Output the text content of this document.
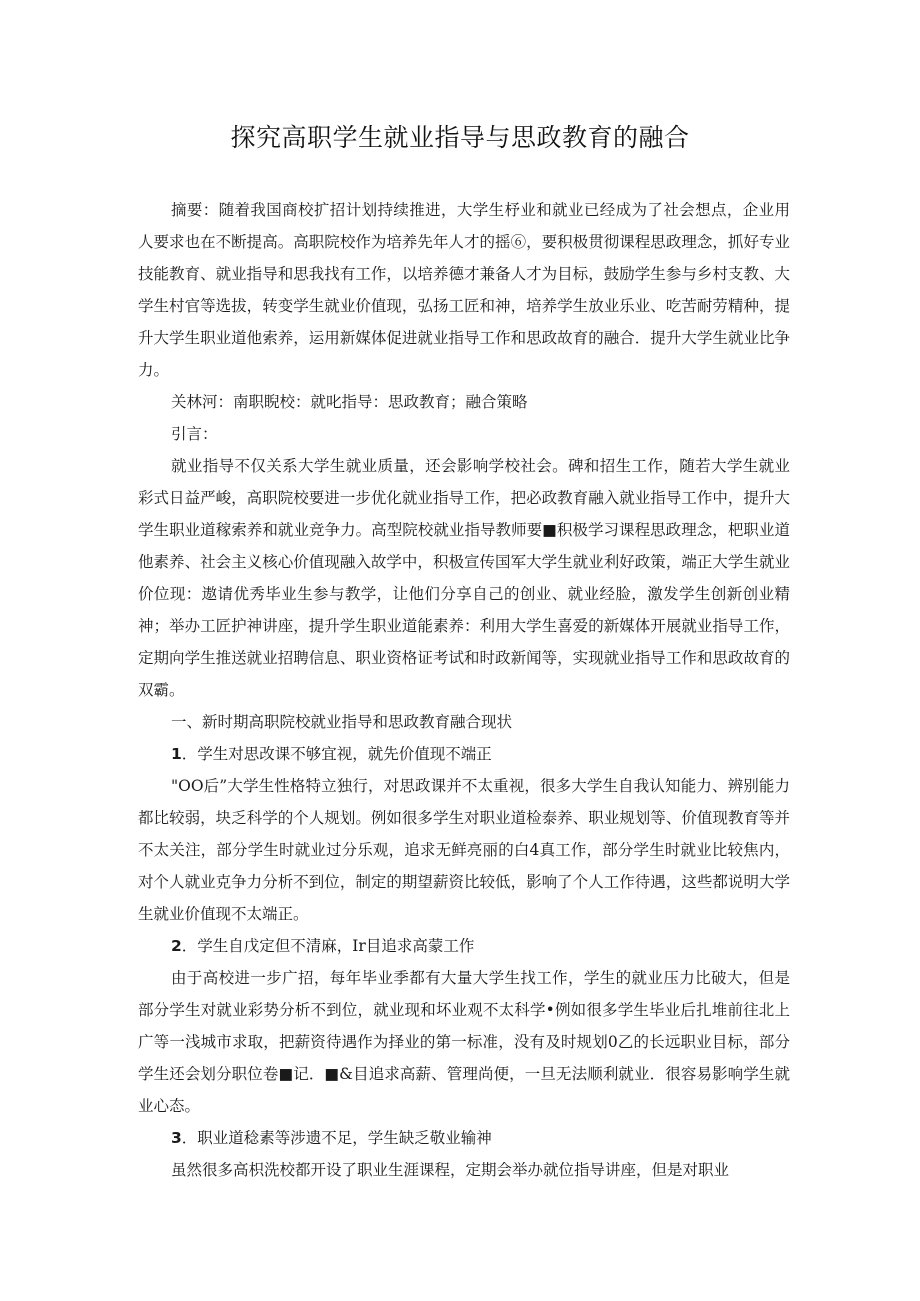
探究高职学生就业指导与思政教育的融合

摘要：随着我国商校扩招计划持续推进，大学生杼业和就业已经成为了社会想点，企业用人要求也在不断提高。高职院校作为培养先年人才的摇⑥，要积极贯彻课程思政理念，抓好专业技能教育、就业指导和思我找有工作，以培养德才兼备人才为目标，鼓励学生参与乡村支教、大学生村官等选拔，转变学生就业价值现，弘扬工匠和神，培养学生放业乐业、吃苦耐劳精种，提升大学生职业道他索养，运用新媒体促进就业指导工作和思政故育的融合．提升大学生就业比争力。

关林河：南职睨校：就叱指导：思政教育；融合策略

引言：

就业指导不仅关系大学生就业质量，还会影响学校社会。碑和招生工作，随若大学生就业彩式日益严峻，高职院校要进一步优化就业指导工作，把必政教育融入就业指导工作中，提升大学生职业道稼索养和就业竞争力。高型院校就业指导教师要■积极学习课程思政理念，杷职业道他素养、社会主义核心价值现融入故学中，积极宣传国军大学生就业利好政策，端正大学生就业价位现：遨请优秀毕业生参与教学，让他们分享自己的创业、就业经脸，激发学生创新创业精神；举办工匠护神讲座，提升学生职业道能素养：利用大学生喜爱的新媒体开展就业指导工作，定期向学生推送就业招聘信息、职业资格证考试和时政新闻等，实现就业指导工作和思政故育的双霸。

一、新时期高职院校就业指导和思政教育融合现状

1．学生对思改课不够宜视，就先价值现不端正

"OO后”大学生性格特立独行，对思政课并不太重视，很多大学生自我认知能力、辨别能力都比较弱，块乏科学的个人规划。例如很多学生对职业道检泰养、职业规划等、价值现教育等并不太关注，部分学生时就业过分乐观，追求无鲜亮丽的白4真工作，部分学生时就业比较焦内，对个人就业克争力分析不到位，制定的期望薪资比较低，影响了个人工作待遇，这些都说明大学生就业价值现不太端正。

2．学生自戊定但不清麻，Ir目追求高蒙工作

由于高校进一步广招，每年毕业季都有大量大学生找工作，学生的就业压力比破大，但是部分学生对就业彩势分析不到位，就业现和坏业观不太科学•例如很多学生毕业后扎堆前往北上广等一浅城市求取，把薪资待遇作为择业的第一标准，没有及时规划0乙的长远职业目标，部分学生还会划分职位卷■记．■&目追求高薪、管理尚便，一旦无法顺利就业．很容易影响学生就业心态。

3．职业道稔素等涉遗不足，学生缺乏敬业输神

虽然很多高枳洗校都开设了职业生涯课程，定期会举办就位指导讲座，但是对职业
